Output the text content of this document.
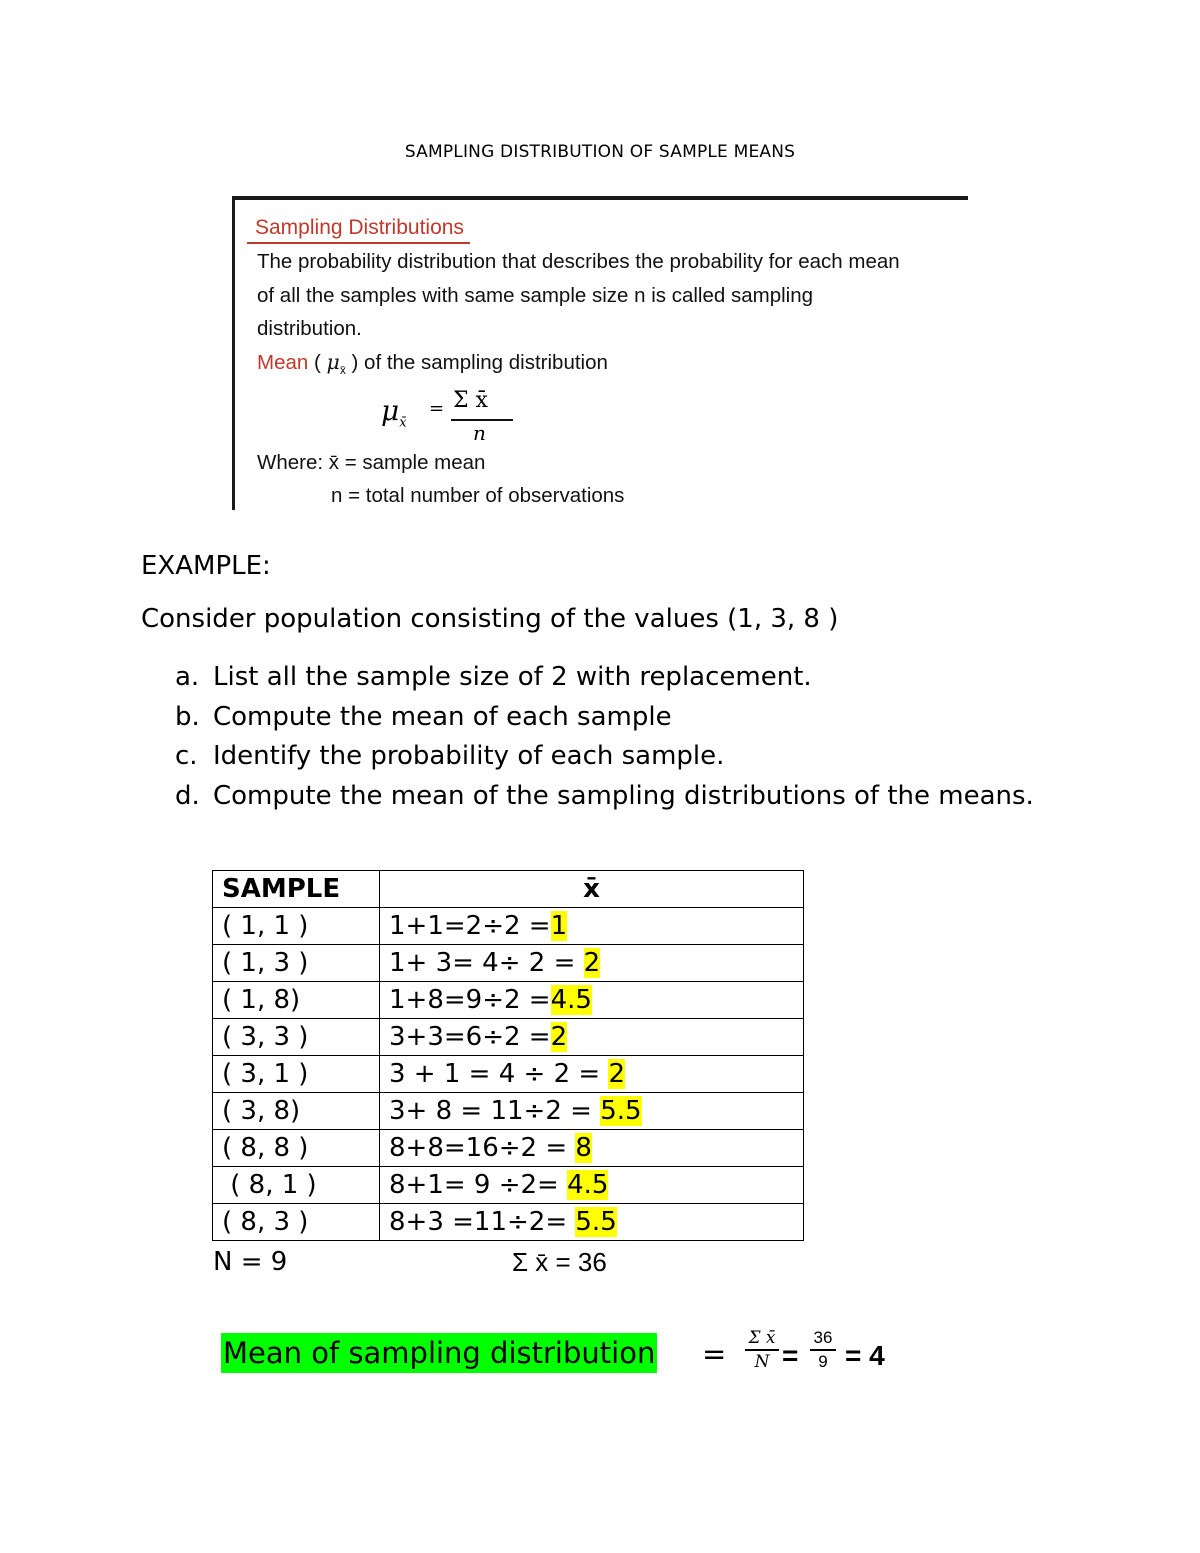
SAMPLING DISTRIBUTION OF SAMPLE MEANS
Sampling Distributions
The probability distribution that describes the probability for each mean
of all the samples with same sample size n is called sampling
distribution.
Mean ( $\mu_{x̄}$ ) of the sampling distribution
$\mu_{x̄}$
= Σ x̄
n
Where: x̄ = sample mean
n = total number of observations
EXAMPLE:
Consider population consisting of the values (1, 3, 8 )
a. List all the sample size of 2 with replacement.
b. Compute the mean of each sample
c. Identify the probability of each sample.
d. Compute the mean of the sampling distributions of the means.
SAMPLE	x̄
( 1, 1 )	1+1=2÷2 =1
( 1, 3 )	1+ 3= 4÷ 2 = 2
( 1, 8)	1+8=9÷2 =4.5
( 3, 3 )	3+3=6÷2 =2
( 3, 1 )	3 + 1 = 4 ÷ 2 = 2
( 3, 8)	3+ 8 = 11÷2 = 5.5
( 8, 8 )	8+8=16÷2 = 8
( 8, 1 )	8+1= 9 ÷2= 4.5
( 8, 3 )	8+3 =11÷2= 5.5
N = 9	Σ x̄ = 36
Mean of sampling distribution = Σ x̄
N =
36
9 = 4
